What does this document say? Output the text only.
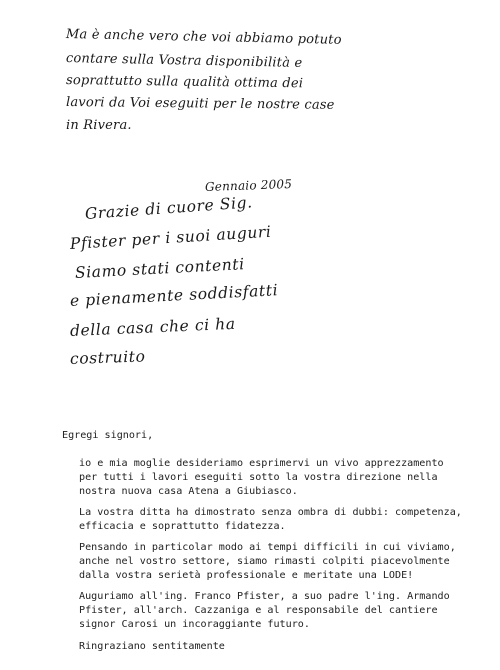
Ma è anche vero che voi abbiamo potuto
contare sulla Vostra disponibilità e
soprattutto sulla qualità ottima dei
lavori da Voi eseguiti per le nostre case
in Rivera.
Gennaio 2005
Grazie di cuore Sig.
Pfister per i suoi auguri
Siamo stati contenti
e pienamente soddisfatti
della casa che ci ha
costruito
Egregi signori,
io e mia moglie desideriamo esprimervi un vivo apprezzamento
per tutti i lavori eseguiti sotto la vostra direzione nella
nostra nuova casa Atena a Giubiasco.
La vostra ditta ha dimostrato senza ombra di dubbi: competenza,
efficacia e soprattutto fidatezza.
Pensando in particolar modo ai tempi difficili in cui viviamo,
anche nel vostro settore, siamo rimasti colpiti piacevolmente
dalla vostra serietà professionale e meritate una LODE!
Auguriamo all'ing. Franco Pfister, a suo padre l'ing. Armando
Pfister, all'arch. Cazzaniga e al responsabile del cantiere
signor Carosi un incoraggiante futuro.
Ringraziano sentitamente
